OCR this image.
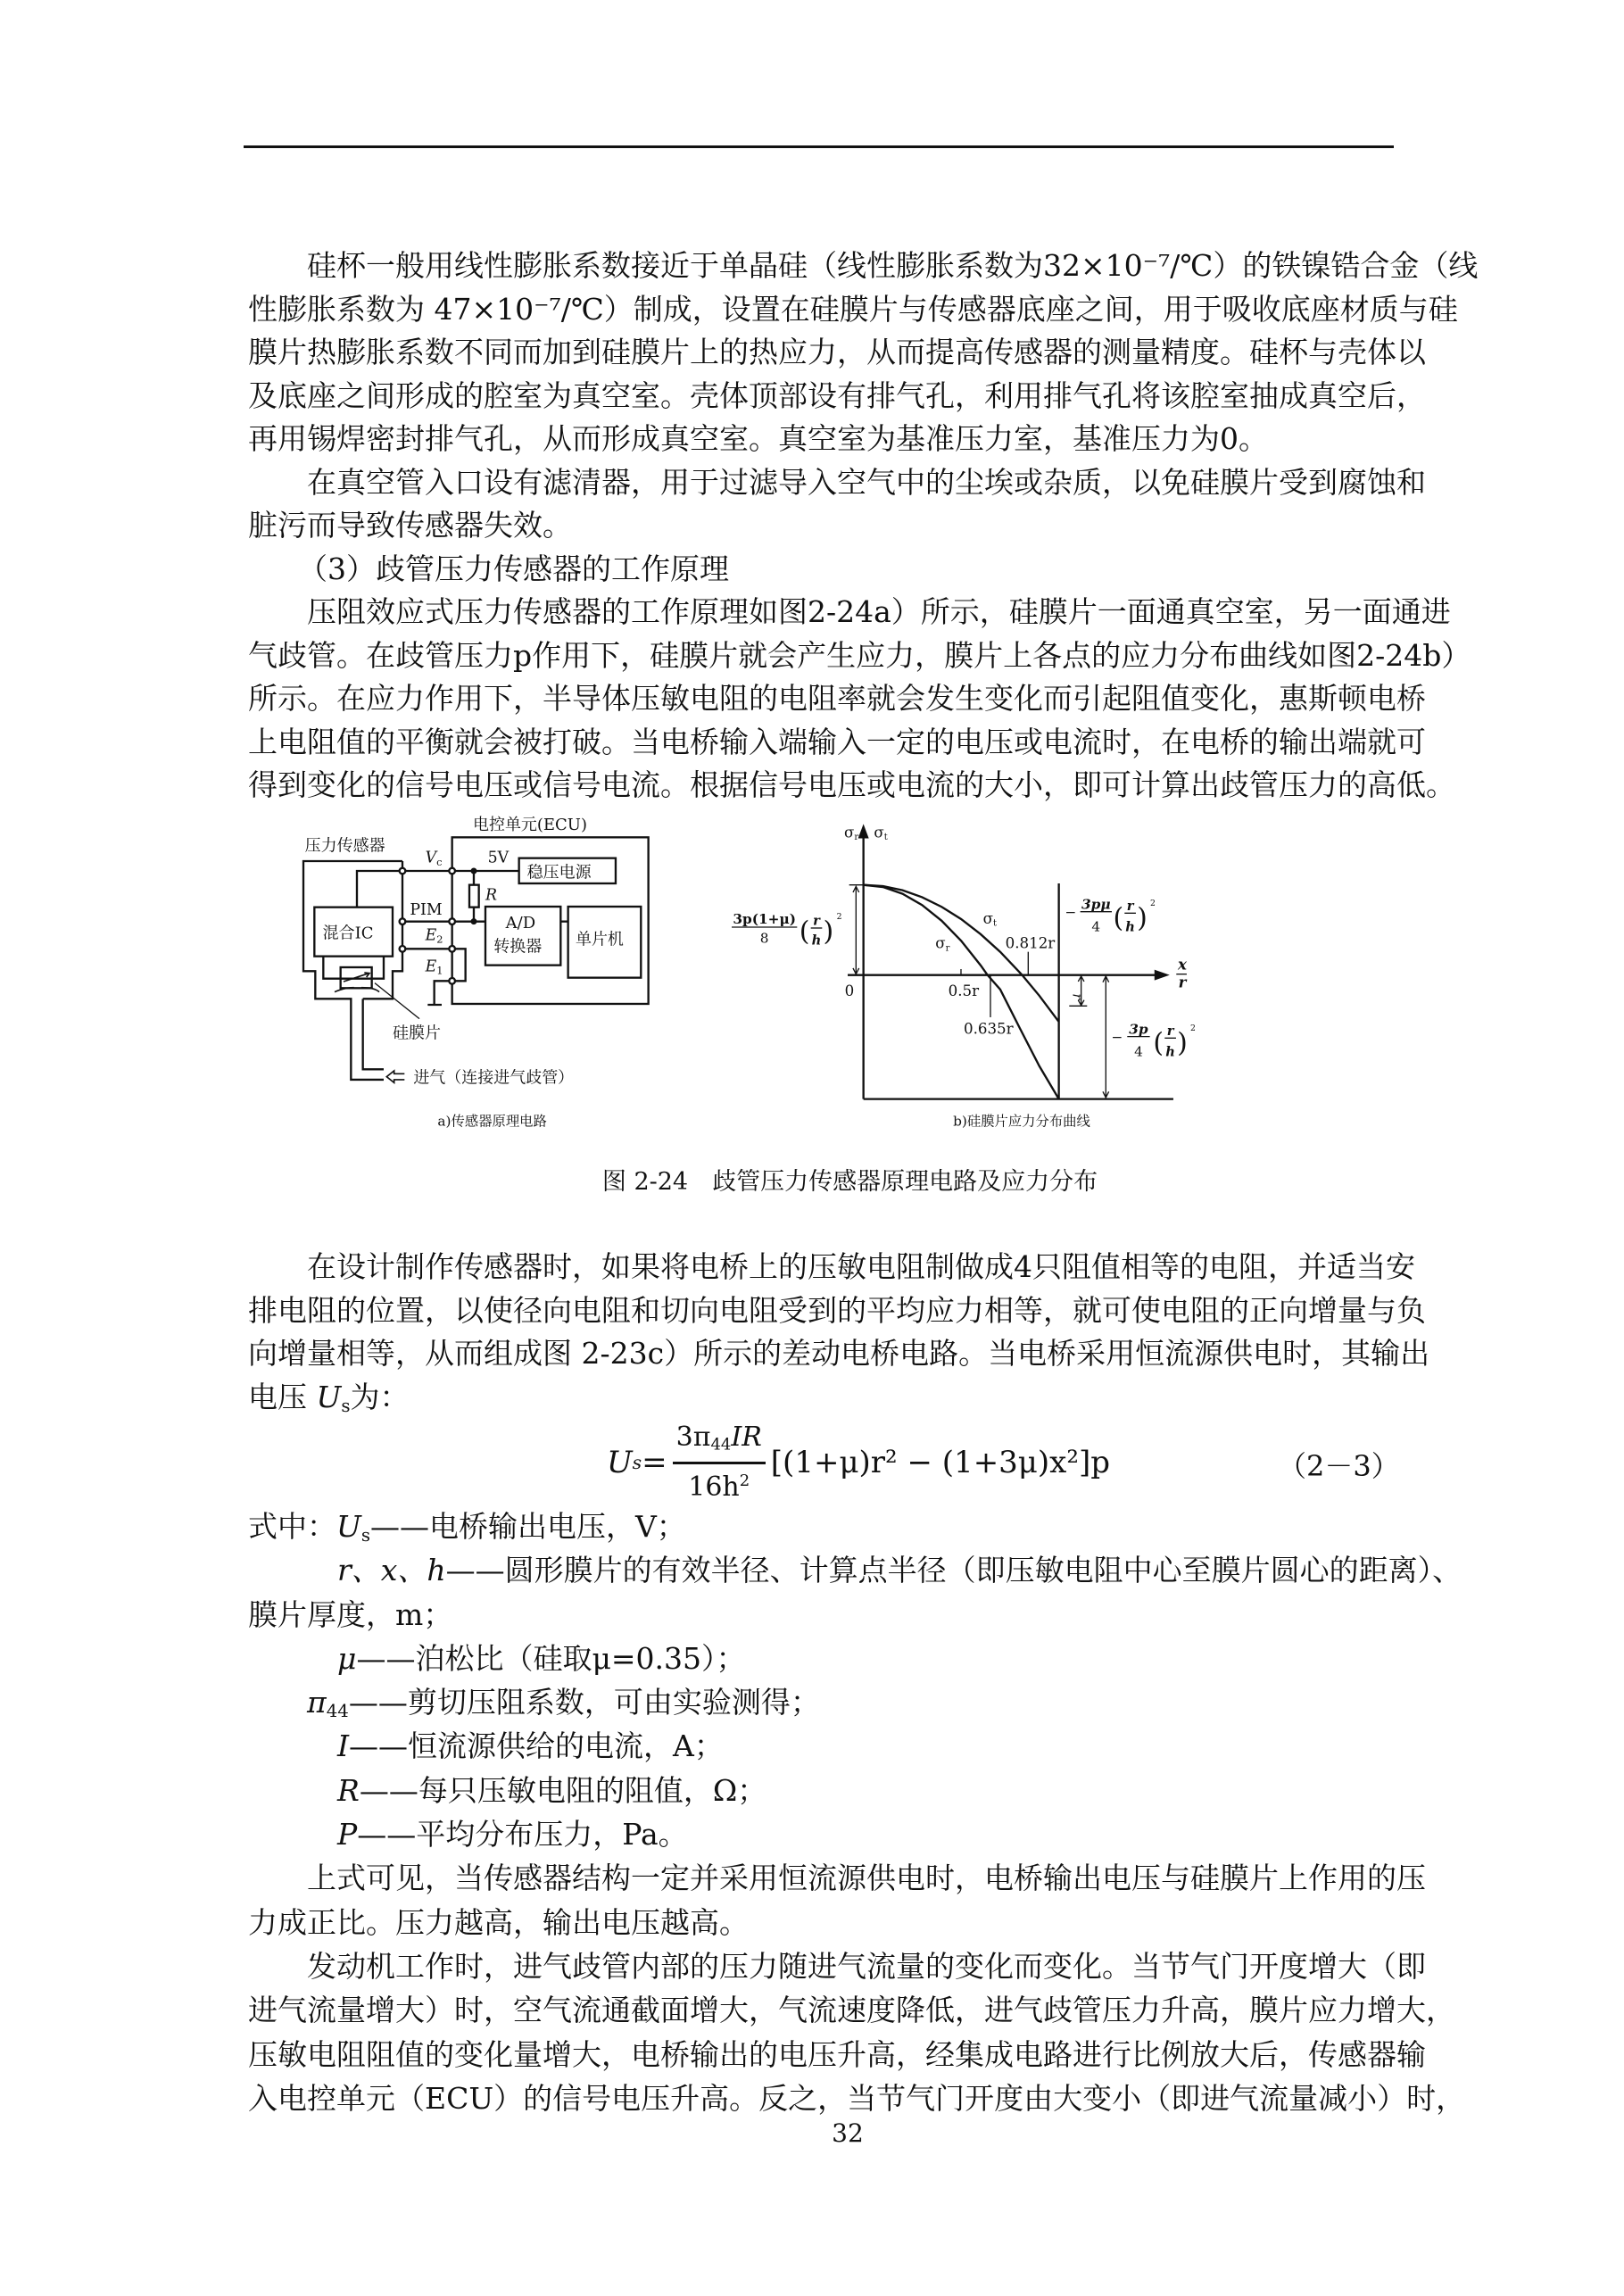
硅杯一般用线性膨胀系数接近于单晶硅（线性膨胀系数为32×10⁻⁷/℃）的铁镍锆合金（线
性膨胀系数为 47×10⁻⁷/℃）制成，设置在硅膜片与传感器底座之间，用于吸收底座材质与硅
膜片热膨胀系数不同而加到硅膜片上的热应力，从而提高传感器的测量精度。硅杯与壳体以
及底座之间形成的腔室为真空室。壳体顶部设有排气孔，利用排气孔将该腔室抽成真空后，
再用锡焊密封排气孔，从而形成真空室。真空室为基准压力室，基准压力为0。
在真空管入口设有滤清器，用于过滤导入空气中的尘埃或杂质，以免硅膜片受到腐蚀和
脏污而导致传感器失效。
（3）歧管压力传感器的工作原理
压阻效应式压力传感器的工作原理如图2-24a）所示，硅膜片一面通真空室，另一面通进
气歧管。在歧管压力p作用下，硅膜片就会产生应力，膜片上各点的应力分布曲线如图2-24b）
所示。在应力作用下，半导体压敏电阻的电阻率就会发生变化而引起阻值变化，惠斯顿电桥
上电阻值的平衡就会被打破。当电桥输入端输入一定的电压或电流时，在电桥的输出端就可
得到变化的信号电压或信号电流。根据信号电压或电流的大小，即可计算出歧管压力的高低。
压力传感器
电控单元(ECU)
混合IC
硅膜片
进气（连接进气歧管）
稳压电源
A/D
转换器 单片机
Vc 5V
R
PIM
E2
E1
a)传感器原理电路
σr σt
x
r
0 0.5r
0.635r
0.812r
σt
σr
r
3p(1+μ)
8 ( )
r
h
2	− 3pμ
4 ( )
r
h
2
− 3p
4 ( )
r
h
2
b)硅膜片应力分布曲线
图 2-24　歧管压力传感器原理电路及应力分布
在设计制作传感器时，如果将电桥上的压敏电阻制做成4只阻值相等的电阻，并适当安
排电阻的位置，以使径向电阻和切向电阻受到的平均应力相等，就可使电阻的正向增量与负
向增量相等，从而组成图 2-23c）所示的差动电桥电路。当电桥采用恒流源供电时，其输出
电压 $U_s$为：
U $s = \frac{3\pi_{44}IR}{16h^2} [(1+\mu)r^2 - (1+3\mu)x^2]p$	（2－3）
式中：$U_s——$电桥输出电压，V；
r、x、h——圆形膜片的有效半径、计算点半径（即压敏电阻中心至膜片圆心的距离）、
膜片厚度，m；
μ——泊松比（硅取μ=0.35）；
$\pi_{44}——$剪切压阻系数，可由实验测得；
I——恒流源供给的电流，A；
R——每只压敏电阻的阻值，Ω；
P——平均分布压力，Pa。
上式可见，当传感器结构一定并采用恒流源供电时，电桥输出电压与硅膜片上作用的压
力成正比。压力越高，输出电压越高。
发动机工作时，进气歧管内部的压力随进气流量的变化而变化。当节气门开度增大（即
进气流量增大）时，空气流通截面增大，气流速度降低，进气歧管压力升高，膜片应力增大，
压敏电阻阻值的变化量增大，电桥输出的电压升高，经集成电路进行比例放大后，传感器输
入电控单元（ECU）的信号电压升高。反之，当节气门开度由大变小（即进气流量减小）时，
32
